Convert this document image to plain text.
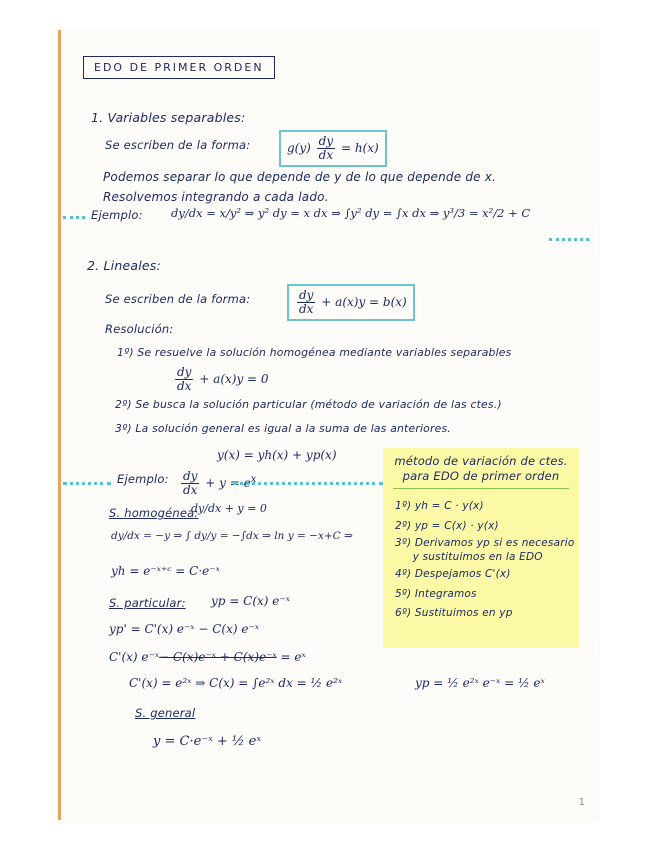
EDO DE PRIMER ORDEN
1. Variables separables:
Se escriben de la forma:	$g(y) \frac{dy}{dx} = h(x)$
Podemos separar lo que depende de y de lo que depende de x.
Resolvemos integrando a cada lado.
Ejemplo: dy/dx = x/y² ⇒ y² dy = x dx ⇒ ∫y² dy = ∫x dx ⇒ y³/3 = x²/2 + C
2. Lineales:
Se escriben de la forma:	$\frac{dy}{dx} + a(x)y = b(x)$
Resolución:
1º) Se resuelve la solución homogénea mediante variables separables
$\frac{dy}{dx} + a(x)y = 0$
2º) Se busca la solución particular (método de variación de las ctes.)
3º) La solución general es igual a la suma de las anteriores.
y(x) = yh(x) + yp(x)
Ejemplo: $\frac{dy}{dx} + y = e^x$
S. homogénea:
dy/dx + y = 0
dy/dx = −y ⇒ ∫ dy/y = −∫dx ⇒ ln y = −x+C ⇒
yh = e⁻ˣ⁺ᶜ = C·e⁻ˣ
S. particular: yp = C(x) e⁻ˣ
yp' = C'(x) e⁻ˣ − C(x) e⁻ˣ
C'(x) e⁻ˣ− C(x)e⁻ˣ + C(x)e⁻ˣ = eˣ
C'(x) = e²ˣ ⇒ C(x) = ∫e²ˣ dx = ½ e²ˣ	yp = ½ e²ˣ e⁻ˣ = ½ eˣ
S. general
y = C·e⁻ˣ + ½ eˣ
método de variación de ctes.
para EDO de primer orden
1º) yh = C · y(x)
2º) yp = C(x) · y(x)
3º) Derivamos yp si es necesario
y sustituimos en la EDO
4º) Despejamos C'(x)
5º) Integramos
6º) Sustituimos en yp
1
